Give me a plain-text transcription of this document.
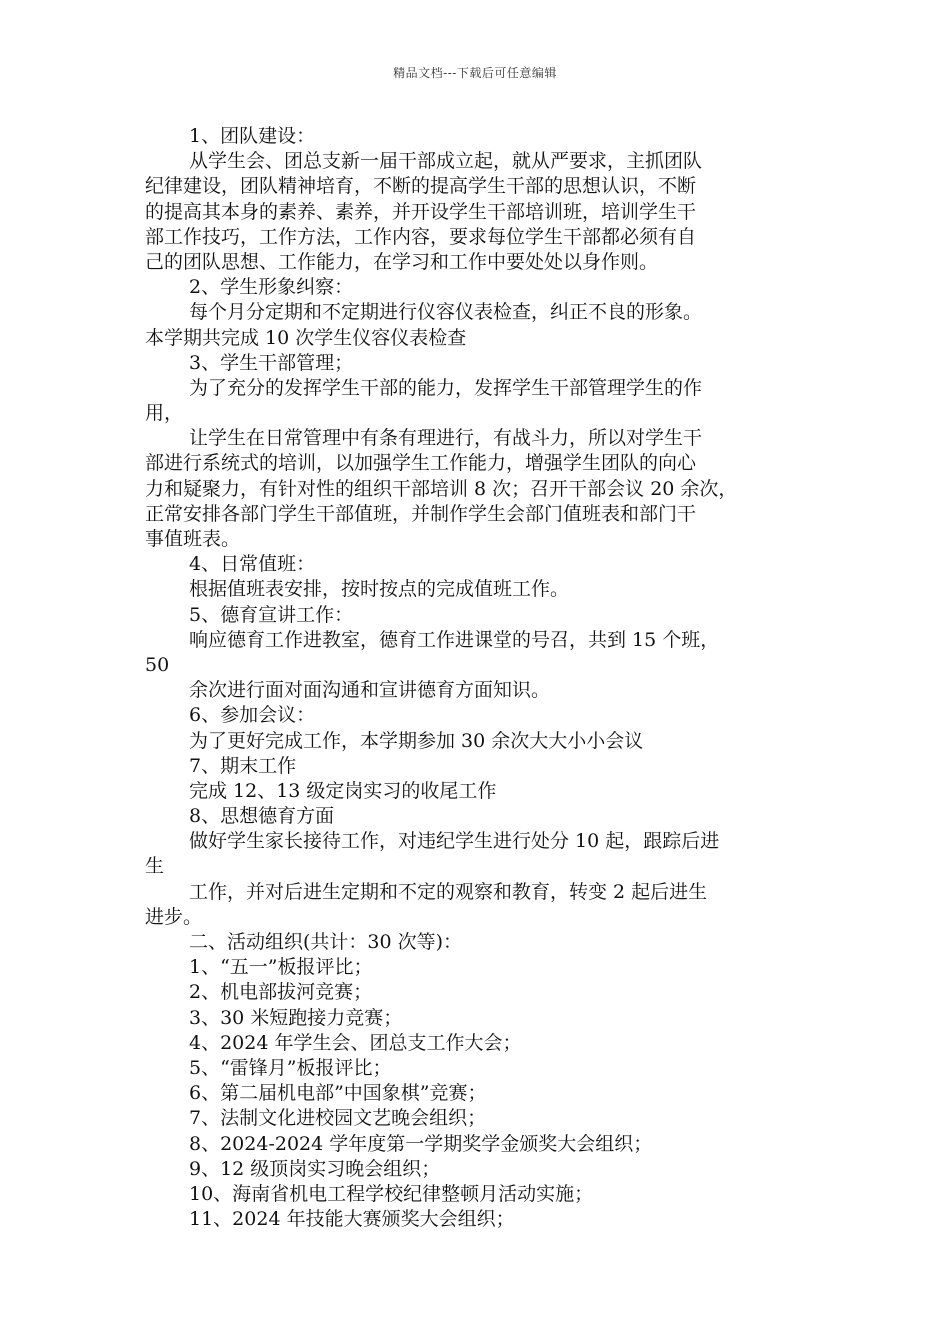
精品文档---下载后可任意编辑
1、团队建设：
从学生会、团总支新一届干部成立起，就从严要求，主抓团队
纪律建设，团队精神培育，不断的提高学生干部的思想认识，不断
的提高其本身的素养、素养，并开设学生干部培训班，培训学生干
部工作技巧，工作方法，工作内容，要求每位学生干部都必须有自
己的团队思想、工作能力，在学习和工作中要处处以身作则。
2、学生形象纠察：
每个月分定期和不定期进行仪容仪表检查，纠正不良的形象。
本学期共完成 10 次学生仪容仪表检查
3、学生干部管理；
为了充分的发挥学生干部的能力，发挥学生干部管理学生的作
用，
让学生在日常管理中有条有理进行，有战斗力，所以对学生干
部进行系统式的培训，以加强学生工作能力，增强学生团队的向心
力和疑聚力，有针对性的组织干部培训 8 次；召开干部会议 20 余次，
正常安排各部门学生干部值班，并制作学生会部门值班表和部门干
事值班表。
4、日常值班：
根据值班表安排，按时按点的完成值班工作。
5、德育宣讲工作：
响应德育工作进教室，德育工作进课堂的号召，共到 15 个班，
50
余次进行面对面沟通和宣讲德育方面知识。
6、参加会议：
为了更好完成工作，本学期参加 30 余次大大小小会议
7、期末工作
完成 12、13 级定岗实习的收尾工作
8、思想德育方面
做好学生家长接待工作，对违纪学生进行处分 10 起，跟踪后进
生
工作，并对后进生定期和不定的观察和教育，转变 2 起后进生
进步。
二、活动组织(共计：30 次等)：
1、“五一”板报评比；
2、机电部拔河竞赛；
3、30 米短跑接力竞赛；
4、2024 年学生会、团总支工作大会；
5、“雷锋月”板报评比；
6、第二届机电部”中国象棋”竞赛；
7、法制文化进校园文艺晚会组织；
8、2024-2024 学年度第一学期奖学金颁奖大会组织；
9、12 级顶岗实习晚会组织；
10、海南省机电工程学校纪律整顿月活动实施；
11、2024 年技能大赛颁奖大会组织；
